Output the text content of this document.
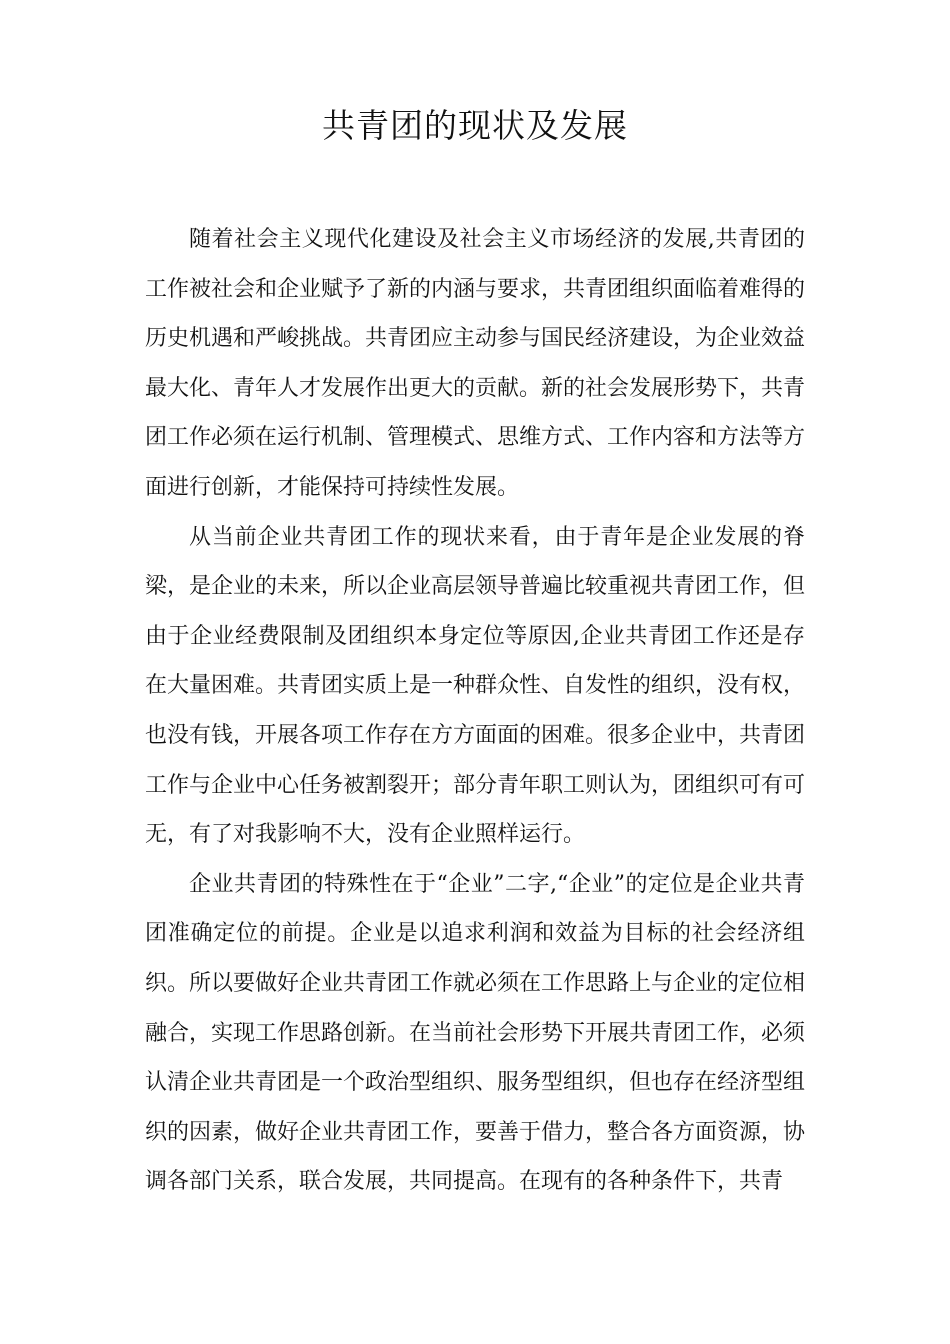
共青团的现状及发展

随着社会主义现代化建设及社会主义市场经济的发展,共青团的工作被社会和企业赋予了新的内涵与要求，共青团组织面临着难得的历史机遇和严峻挑战。共青团应主动参与国民经济建设，为企业效益最大化、青年人才发展作出更大的贡献。新的社会发展形势下，共青团工作必须在运行机制、管理模式、思维方式、工作内容和方法等方面进行创新，才能保持可持续性发展。

从当前企业共青团工作的现状来看，由于青年是企业发展的脊梁，是企业的未来，所以企业高层领导普遍比较重视共青团工作，但由于企业经费限制及团组织本身定位等原因,企业共青团工作还是存在大量困难。共青团实质上是一种群众性、自发性的组织，没有权，也没有钱，开展各项工作存在方方面面的困难。很多企业中，共青团工作与企业中心任务被割裂开；部分青年职工则认为，团组织可有可无，有了对我影响不大，没有企业照样运行。

企业共青团的特殊性在于“企业”二字,“企业”的定位是企业共青团准确定位的前提。企业是以追求利润和效益为目标的社会经济组织。所以要做好企业共青团工作就必须在工作思路上与企业的定位相融合，实现工作思路创新。在当前社会形势下开展共青团工作，必须认清企业共青团是一个政治型组织、服务型组织，但也存在经济型组织的因素，做好企业共青团工作，要善于借力，整合各方面资源，协调各部门关系，联合发展，共同提高。在现有的各种条件下，共青
